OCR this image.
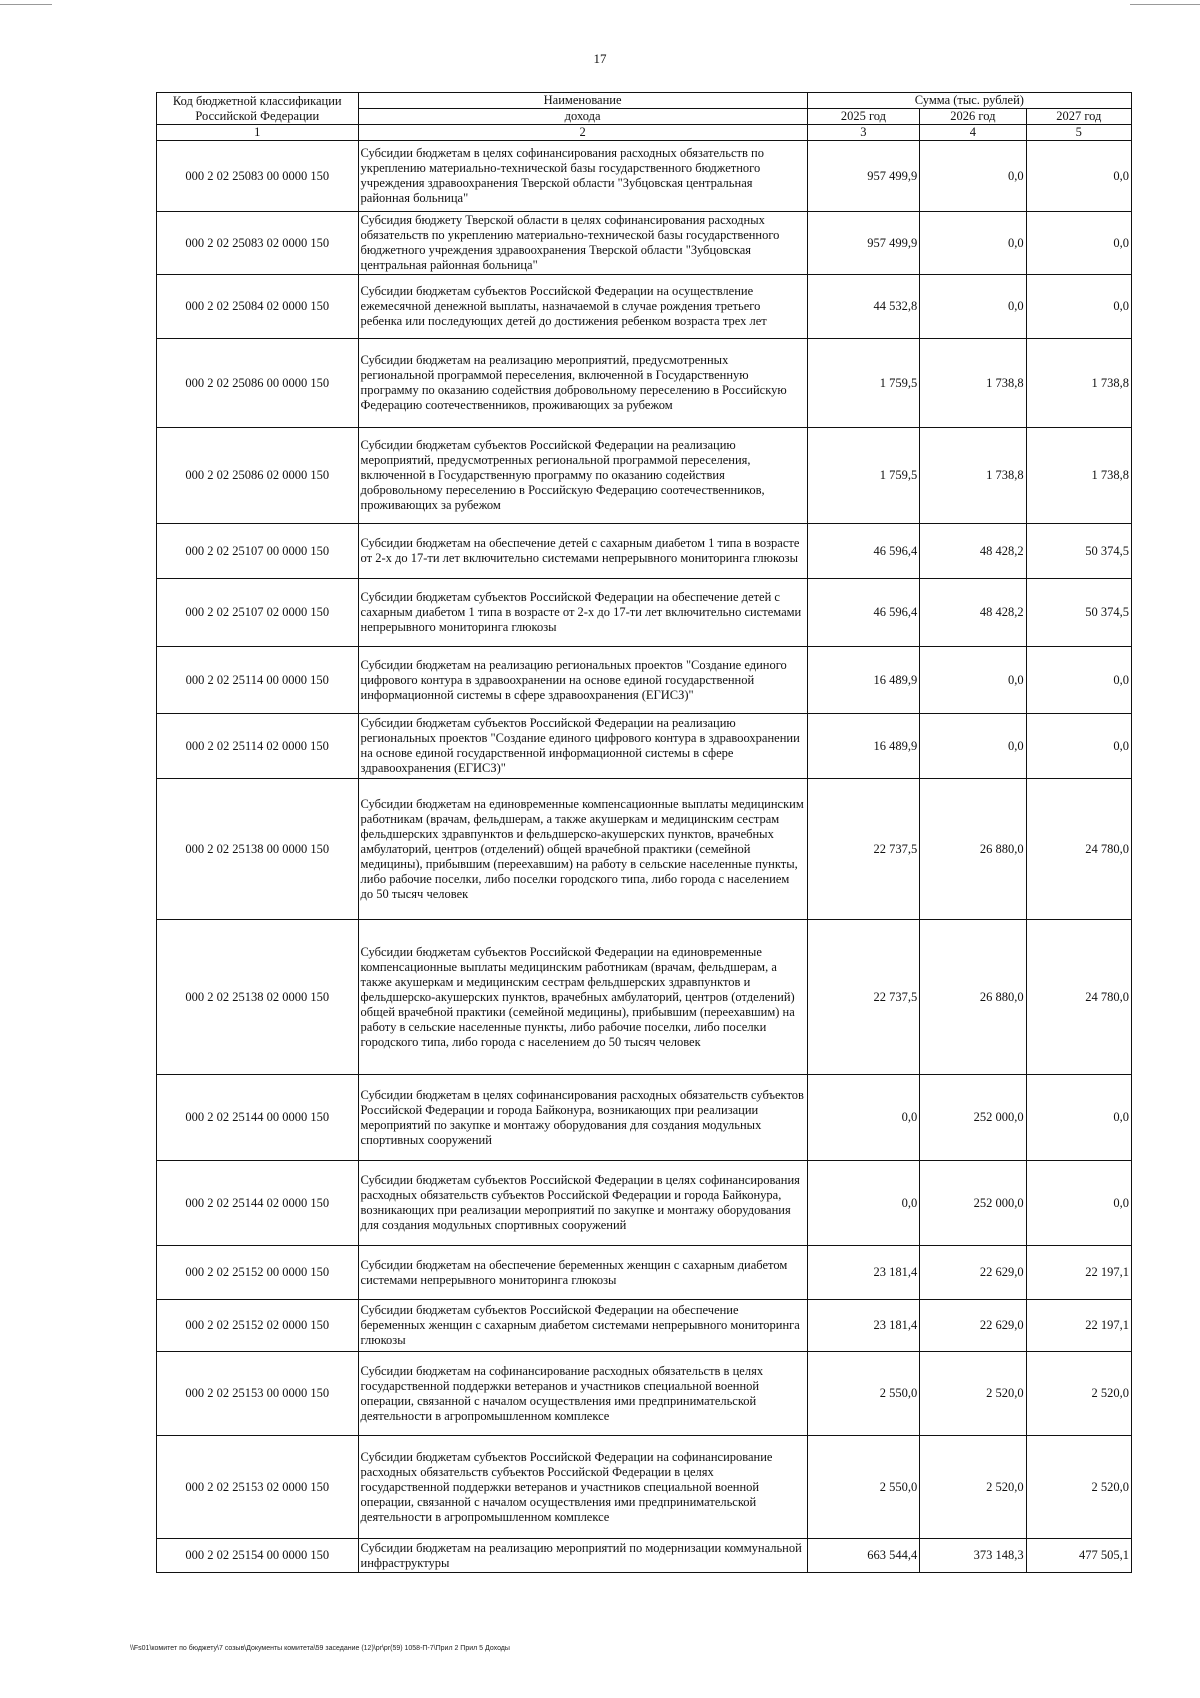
17
Код бюджетной классификации Российской Федерации	Наименование	Сумма (тыс. рублей)		
	дохода	2025 год	2026 год	2027 год
1	2	3	4	5
000 2 02 25083 00 0000 150	Субсидии бюджетам в целях софинансирования расходных обязательств по укреплению материально-технической базы государственного бюджетного учреждения здравоохранения Тверской области "Зубцовская центральная районная больница"	957 499,9	0,0	0,0
000 2 02 25083 02 0000 150	Субсидия бюджету Тверской области в целях софинансирования расходных обязательств по укреплению материально-технической базы государственного бюджетного учреждения здравоохранения Тверской области "Зубцовская центральная районная больница"	957 499,9	0,0	0,0
000 2 02 25084 02 0000 150	Субсидии бюджетам субъектов Российской Федерации на осуществление ежемесячной денежной выплаты, назначаемой в случае рождения третьего ребенка или последующих детей до достижения ребенком возраста трех лет	44 532,8	0,0	0,0
000 2 02 25086 00 0000 150	Субсидии бюджетам на реализацию мероприятий, предусмотренных региональной программой переселения, включенной в Государственную программу по оказанию содействия добровольному переселению в Российскую Федерацию соотечественников, проживающих за рубежом	1 759,5	1 738,8	1 738,8
000 2 02 25086 02 0000 150	Субсидии бюджетам субъектов Российской Федерации на реализацию мероприятий, предусмотренных региональной программой переселения, включенной в Государственную программу по оказанию содействия добровольному переселению в Российскую Федерацию соотечественников, проживающих за рубежом	1 759,5	1 738,8	1 738,8
000 2 02 25107 00 0000 150	Субсидии бюджетам на обеспечение детей с сахарным диабетом 1 типа в возрасте от 2-х до 17-ти лет включительно системами непрерывного мониторинга глюкозы	46 596,4	48 428,2	50 374,5
000 2 02 25107 02 0000 150	Субсидии бюджетам субъектов Российской Федерации на обеспечение детей с сахарным диабетом 1 типа в возрасте от 2-х до 17-ти лет включительно системами непрерывного мониторинга глюкозы	46 596,4	48 428,2	50 374,5
000 2 02 25114 00 0000 150	Субсидии бюджетам на реализацию региональных проектов "Создание единого цифрового контура в здравоохранении на основе единой государственной информационной системы в сфере здравоохранения (ЕГИСЗ)"	16 489,9	0,0	0,0
000 2 02 25114 02 0000 150	Субсидии бюджетам субъектов Российской Федерации на реализацию региональных проектов "Создание единого цифрового контура в здравоохранении на основе единой государственной информационной системы в сфере здравоохранения (ЕГИСЗ)"	16 489,9	0,0	0,0
000 2 02 25138 00 0000 150	Субсидии бюджетам на единовременные компенсационные выплаты медицинским работникам (врачам, фельдшерам, а также акушеркам и медицинским сестрам фельдшерских здравпунктов и фельдшерско-акушерских пунктов, врачебных амбулаторий, центров (отделений) общей врачебной практики (семейной медицины), прибывшим (переехавшим) на работу в сельские населенные пункты, либо рабочие поселки, либо поселки городского типа, либо города с населением до 50 тысяч человек	22 737,5	26 880,0	24 780,0
000 2 02 25138 02 0000 150	Субсидии бюджетам субъектов Российской Федерации на единовременные компенсационные выплаты медицинским работникам (врачам, фельдшерам, а также акушеркам и медицинским сестрам фельдшерских здравпунктов и фельдшерско-акушерских пунктов, врачебных амбулаторий, центров (отделений) общей врачебной практики (семейной медицины), прибывшим (переехавшим) на работу в сельские населенные пункты, либо рабочие поселки, либо поселки городского типа, либо города с населением до 50 тысяч человек	22 737,5	26 880,0	24 780,0
000 2 02 25144 00 0000 150	Субсидии бюджетам в целях софинансирования расходных обязательств субъектов Российской Федерации и города Байконура, возникающих при реализации мероприятий по закупке и монтажу оборудования для создания модульных спортивных сооружений	0,0	252 000,0	0,0
000 2 02 25144 02 0000 150	Субсидии бюджетам субъектов Российской Федерации в целях софинансирования расходных обязательств субъектов Российской Федерации и города Байконура, возникающих при реализации мероприятий по закупке и монтажу оборудования для создания модульных спортивных сооружений	0,0	252 000,0	0,0
000 2 02 25152 00 0000 150	Субсидии бюджетам на обеспечение беременных женщин с сахарным диабетом системами непрерывного мониторинга глюкозы	23 181,4	22 629,0	22 197,1
000 2 02 25152 02 0000 150	Субсидии бюджетам субъектов Российской Федерации на обеспечение беременных женщин с сахарным диабетом системами непрерывного мониторинга глюкозы	23 181,4	22 629,0	22 197,1
000 2 02 25153 00 0000 150	Субсидии бюджетам на софинансирование расходных обязательств в целях государственной поддержки ветеранов и участников специальной военной операции, связанной с началом осуществления ими предпринимательской деятельности в агропромышленном комплексе	2 550,0	2 520,0	2 520,0
000 2 02 25153 02 0000 150	Субсидии бюджетам субъектов Российской Федерации на софинансирование расходных обязательств субъектов Российской Федерации в целях государственной поддержки ветеранов и участников специальной военной операции, связанной с началом осуществления ими предпринимательской деятельности в агропромышленном комплексе	2 550,0	2 520,0	2 520,0
000 2 02 25154 00 0000 150	Субсидии бюджетам на реализацию мероприятий по модернизации коммунальной инфраструктуры	663 544,4	373 148,3	477 505,1
\\Fs01\комитет по бюджету\7 созыв\Документы комитета\59 заседание (12)\pr\pr(59) 1058-П-7\Прил 2 Прил 5 Доходы
